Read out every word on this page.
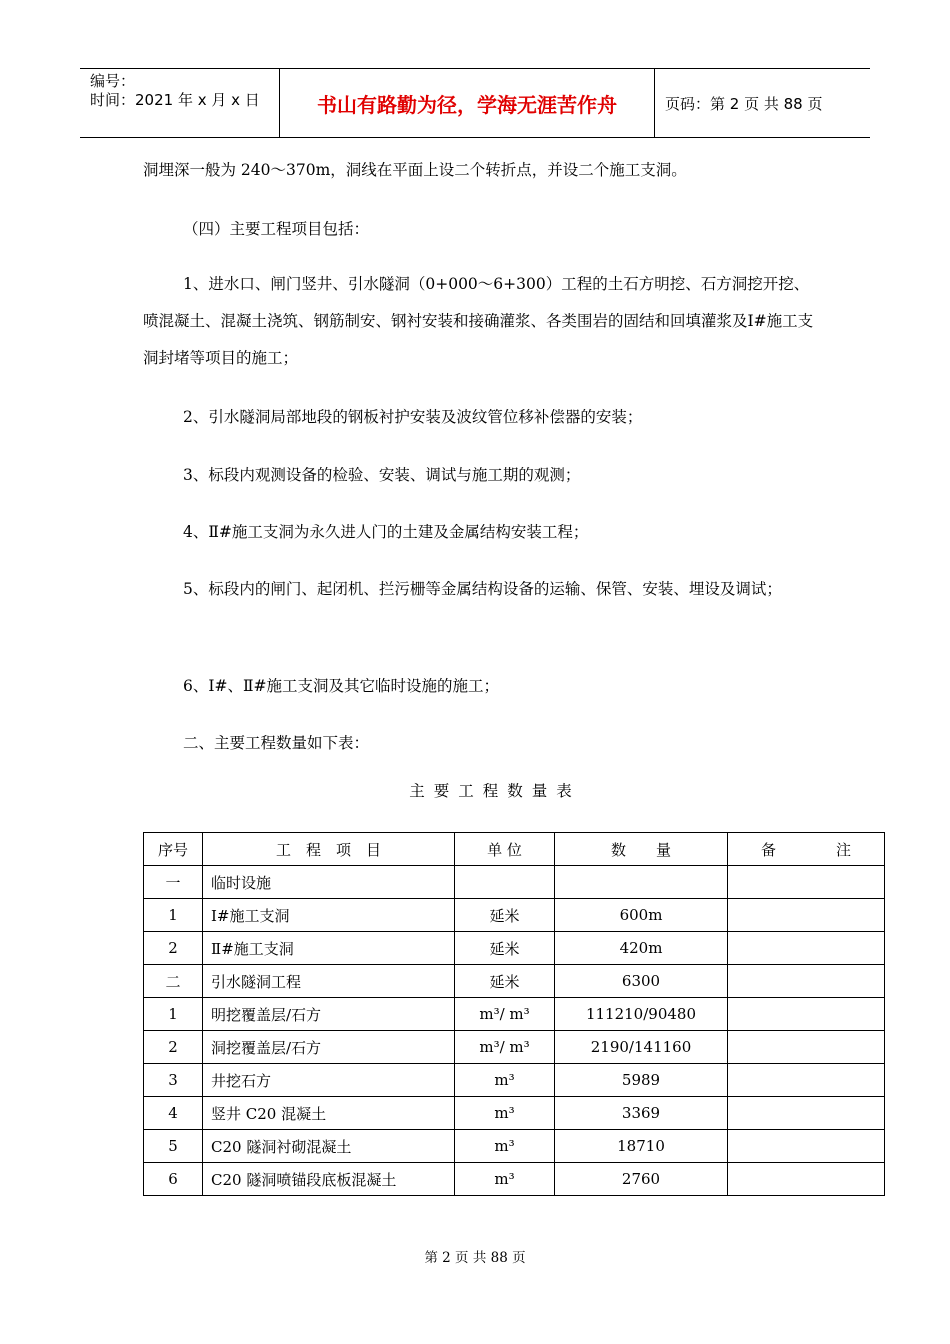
编号：
时间：2021 年 x 月 x 日	书山有路勤为径，学海无涯苦作舟	页码：第 2 页 共 88 页

洞埋深一般为 240～370m，洞线在平面上设二个转折点，并设二个施工支洞。

（四）主要工程项目包括：

1、进水口、闸门竖井、引水隧洞（0+000～6+300）工程的土石方明挖、石方洞挖开挖、喷混凝土、混凝土浇筑、钢筋制安、钢衬安装和接确灌浆、各类围岩的固结和回填灌浆及Ⅰ#施工支洞封堵等项目的施工；

2、引水隧洞局部地段的钢板衬护安装及波纹管位移补偿器的安装；

3、标段内观测设备的检验、安装、调试与施工期的观测；

4、Ⅱ#施工支洞为永久进人门的土建及金属结构安装工程；

5、标段内的闸门、起闭机、拦污栅等金属结构设备的运输、保管、安装、埋设及调试；

6、Ⅰ#、Ⅱ#施工支洞及其它临时设施的施工；

二、主要工程数量如下表：

主要工程数量表
序号	工　程　项　目	单 位	数　　量	备　　　　注
一	临时设施			
1	Ⅰ#施工支洞	延米	600m	
2	Ⅱ#施工支洞	延米	420m	
二	引水隧洞工程	延米	6300	
1	明挖覆盖层/石方	m³/ m³	111210/90480	
2	洞挖覆盖层/石方	m³/ m³	2190/141160	
3	井挖石方	m³	5989	
4	竖井 C20 混凝土	m³	3369	
5	C20 隧洞衬砌混凝土	m³	18710	
6	C20 隧洞喷锚段底板混凝土	m³	2760	
第 2 页 共 88 页
